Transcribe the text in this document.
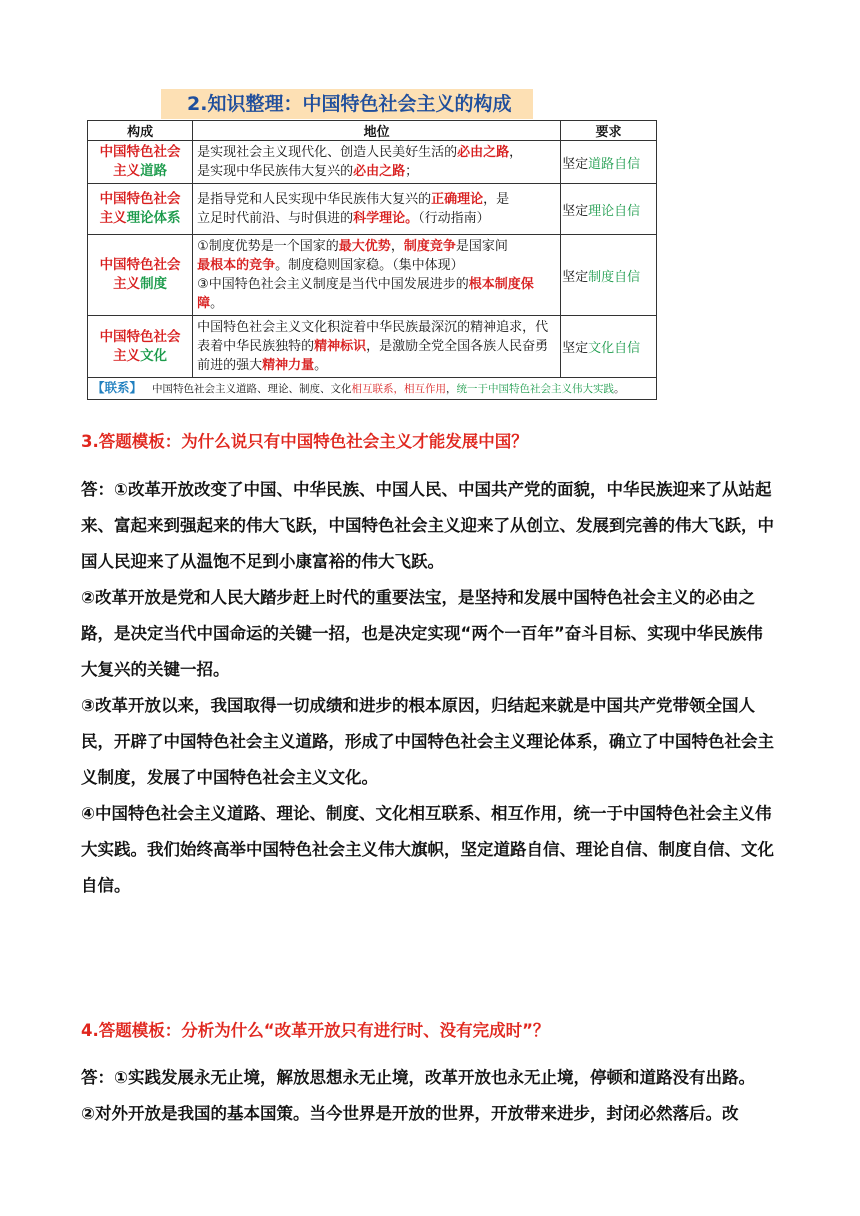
2.知识整理：中国特色社会主义的构成
构成	地位	要求
中国特色社会
主义道路	是实现社会主义现代化、创造人民美好生活的必由之路，
是实现中华民族伟大复兴的必由之路；	坚定道路自信
中国特色社会
主义理论体系	是指导党和人民实现中华民族伟大复兴的正确理论，是
立足时代前沿、与时俱进的科学理论。（行动指南）	坚定理论自信
中国特色社会
主义制度	①制度优势是一个国家的最大优势，制度竞争是国家间
最根本的竞争。制度稳则国家稳。（集中体现）
③中国特色社会主义制度是当代中国发展进步的根本制度保障。	坚定制度自信
中国特色社会
主义文化	中国特色社会主义文化积淀着中华民族最深沉的精神追求，代表着中华民族独特的精神标识，是激励全党全国各族人民奋勇前进的强大精神力量。	坚定文化自信
【联系】 中国特色社会主义道路、理论、制度、文化相互联系，相互作用，统一于中国特色社会主义伟大实践。		
3.答题模板：为什么说只有中国特色社会主义才能发展中国？

答：①改革开放改变了中国、中华民族、中国人民、中国共产党的面貌，中华民族迎来了从站起来、富起来到强起来的伟大飞跃，中国特色社会主义迎来了从创立、发展到完善的伟大飞跃，中国人民迎来了从温饱不足到小康富裕的伟大飞跃。

②改革开放是党和人民大踏步赶上时代的重要法宝，是坚持和发展中国特色社会主义的必由之路，是决定当代中国命运的关键一招，也是决定实现“两个一百年”奋斗目标、实现中华民族伟大复兴的关键一招。

③改革开放以来，我国取得一切成绩和进步的根本原因，归结起来就是中国共产党带领全国人民，开辟了中国特色社会主义道路，形成了中国特色社会主义理论体系，确立了中国特色社会主义制度，发展了中国特色社会主义文化。

④中国特色社会主义道路、理论、制度、文化相互联系、相互作用，统一于中国特色社会主义伟大实践。我们始终高举中国特色社会主义伟大旗帜，坚定道路自信、理论自信、制度自信、文化自信。

4.答题模板：分析为什么“改革开放只有进行时、没有完成时”？

答：①实践发展永无止境，解放思想永无止境，改革开放也永无止境，停顿和道路没有出路。

②对外开放是我国的基本国策。当今世界是开放的世界，开放带来进步，封闭必然落后。改
